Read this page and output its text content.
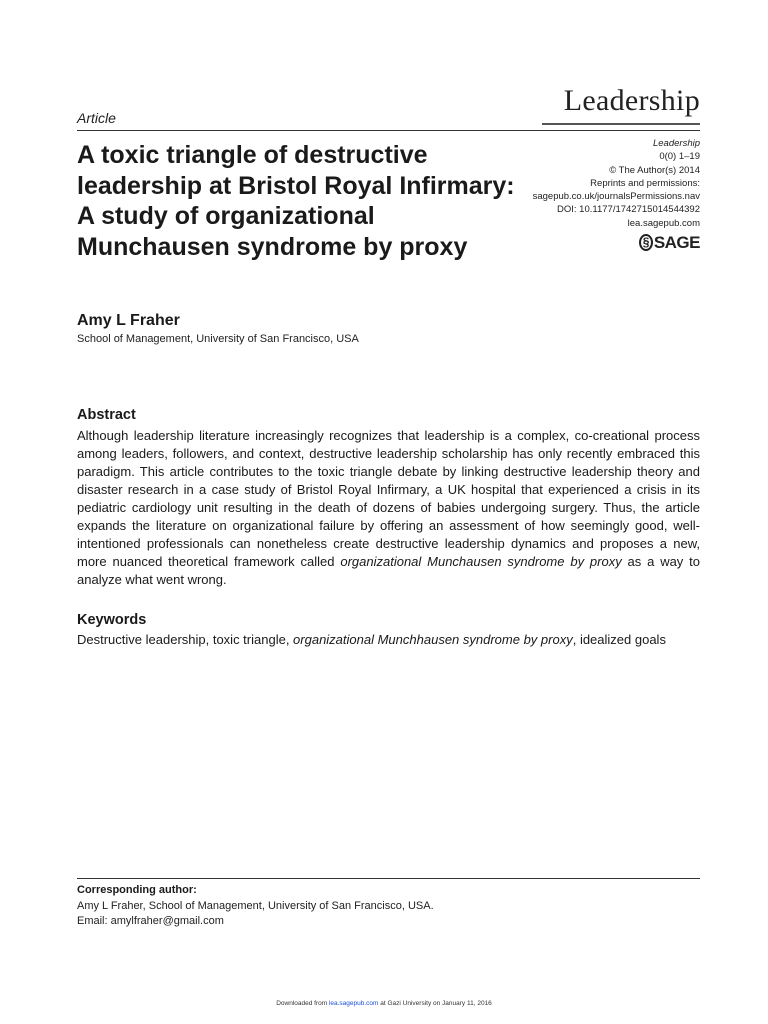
Leadership
Article
A toxic triangle of destructive leadership at Bristol Royal Infirmary: A study of organizational Munchausen syndrome by proxy
Leadership
0(0) 1–19
© The Author(s) 2014
Reprints and permissions:
sagepub.co.uk/journalsPermissions.nav
DOI: 10.1177/1742715014544392
lea.sagepub.com
§ SAGE
Amy L Fraher
School of Management, University of San Francisco, USA
Abstract

Although leadership literature increasingly recognizes that leadership is a complex, co-creational process among leaders, followers, and context, destructive leadership scholarship has only recently embraced this paradigm. This article contributes to the toxic triangle debate by linking destructive leadership theory and disaster research in a case study of Bristol Royal Infirmary, a UK hospital that experienced a crisis in its pediatric cardiology unit resulting in the death of dozens of babies undergoing surgery. Thus, the article expands the literature on organizational failure by offering an assessment of how seemingly good, well-intentioned professionals can nonetheless create destructive leadership dynamics and proposes a new, more nuanced theoretical framework called organizational Munchausen syndrome by proxy as a way to analyze what went wrong.

Keywords

Destructive leadership, toxic triangle, organizational Munchhausen syndrome by proxy, idealized goals

Corresponding author:
Amy L Fraher, School of Management, University of San Francisco, USA.
Email: amylfraher@gmail.com
Downloaded from lea.sagepub.com at Gazi University on January 11, 2016
